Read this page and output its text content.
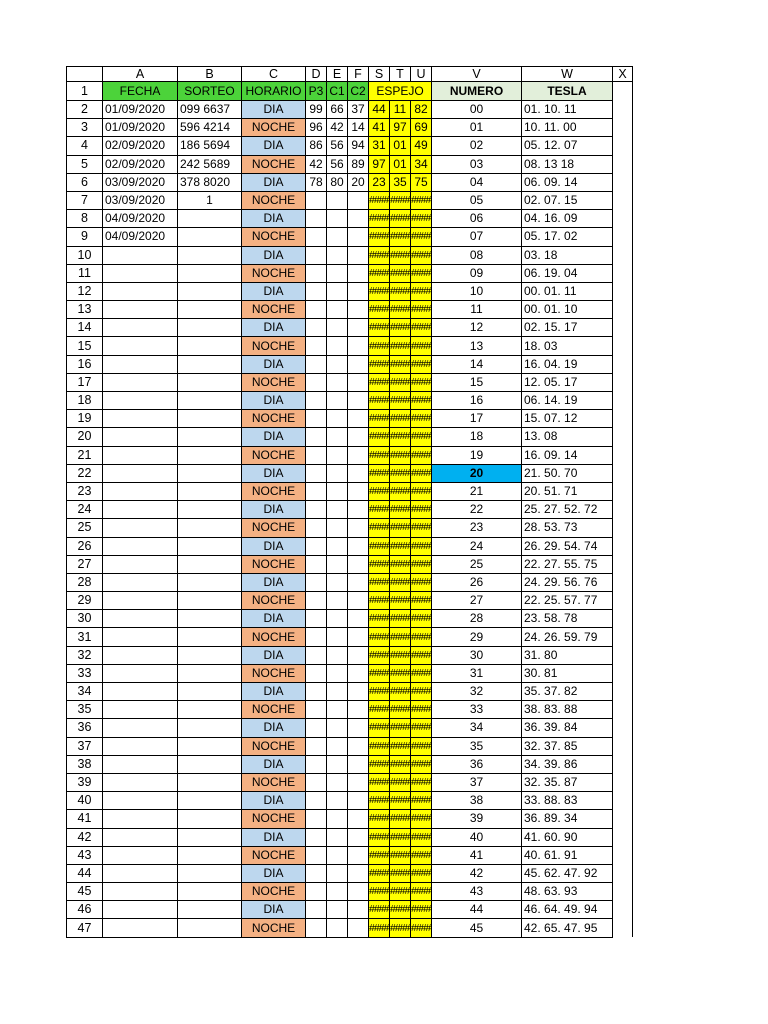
	A	B	C	D	E	F	S	T	U	V	W	X
1	FECHA	SORTEO	HORARIO	P3	C1	C2	ESPEJO			NUMERO	TESLA	
2	01/09/2020	099 6637	DIA	99	66	37	44	11	82	00	01. 10. 11	
3	01/09/2020	596 4214	NOCHE	96	42	14	41	97	69	01	10. 11. 00	
4	02/09/2020	186 5694	DIA	86	56	94	31	01	49	02	05. 12. 07	
5	02/09/2020	242 5689	NOCHE	42	56	89	97	01	34	03	08. 13 18	
6	03/09/2020	378 8020	DIA	78	80	20	23	35	75	04	06. 09. 14	
7	03/09/2020	1	NOCHE				####	####	####	05	02. 07. 15	
8	04/09/2020		DIA				####	####	####	06	04. 16. 09	
9	04/09/2020		NOCHE				####	####	####	07	05. 17. 02	
10			DIA				####	####	####	08	03. 18	
11			NOCHE				####	####	####	09	06. 19. 04	
12			DIA				####	####	####	10	00. 01. 11	
13			NOCHE				####	####	####	11	00. 01. 10	
14			DIA				####	####	####	12	02. 15. 17	
15			NOCHE				####	####	####	13	18. 03	
16			DIA				####	####	####	14	16. 04. 19	
17			NOCHE				####	####	####	15	12. 05. 17	
18			DIA				####	####	####	16	06. 14. 19	
19			NOCHE				####	####	####	17	15. 07. 12	
20			DIA				####	####	####	18	13. 08	
21			NOCHE				####	####	####	19	16. 09. 14	
22			DIA				####	####	####	20	21. 50. 70	
23			NOCHE				####	####	####	21	20. 51. 71	
24			DIA				####	####	####	22	25. 27. 52. 72	
25			NOCHE				####	####	####	23	28. 53. 73	
26			DIA				####	####	####	24	26. 29. 54. 74	
27			NOCHE				####	####	####	25	22. 27. 55. 75	
28			DIA				####	####	####	26	24. 29. 56. 76	
29			NOCHE				####	####	####	27	22. 25. 57. 77	
30			DIA				####	####	####	28	23. 58. 78	
31			NOCHE				####	####	####	29	24. 26. 59. 79	
32			DIA				####	####	####	30	31. 80	
33			NOCHE				####	####	####	31	30. 81	
34			DIA				####	####	####	32	35. 37. 82	
35			NOCHE				####	####	####	33	38. 83. 88	
36			DIA				####	####	####	34	36. 39. 84	
37			NOCHE				####	####	####	35	32. 37. 85	
38			DIA				####	####	####	36	34. 39. 86	
39			NOCHE				####	####	####	37	32. 35. 87	
40			DIA				####	####	####	38	33. 88. 83	
41			NOCHE				####	####	####	39	36. 89. 34	
42			DIA				####	####	####	40	41. 60. 90	
43			NOCHE				####	####	####	41	40. 61. 91	
44			DIA				####	####	####	42	45. 62. 47. 92	
45			NOCHE				####	####	####	43	48. 63. 93	
46			DIA				####	####	####	44	46. 64. 49. 94	
47			NOCHE				####	####	####	45	42. 65. 47. 95	
